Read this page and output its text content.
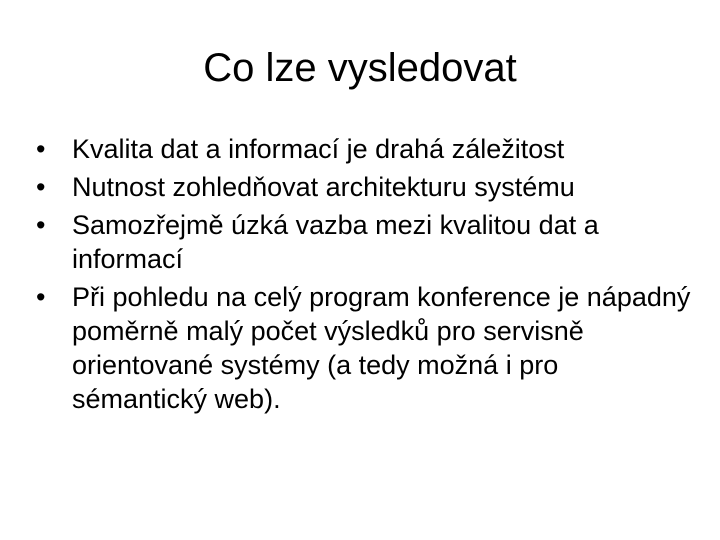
Co lze vysledovat
• Kvalita dat a informací je drahá záležitost
• Nutnost zohledňovat architekturu systému
• Samozřejmě úzká vazba mezi kvalitou dat a informací
• Při pohledu na celý program konference je nápadný poměrně malý počet výsledků pro servisně orientované systémy (a tedy možná i pro sémantický web).
